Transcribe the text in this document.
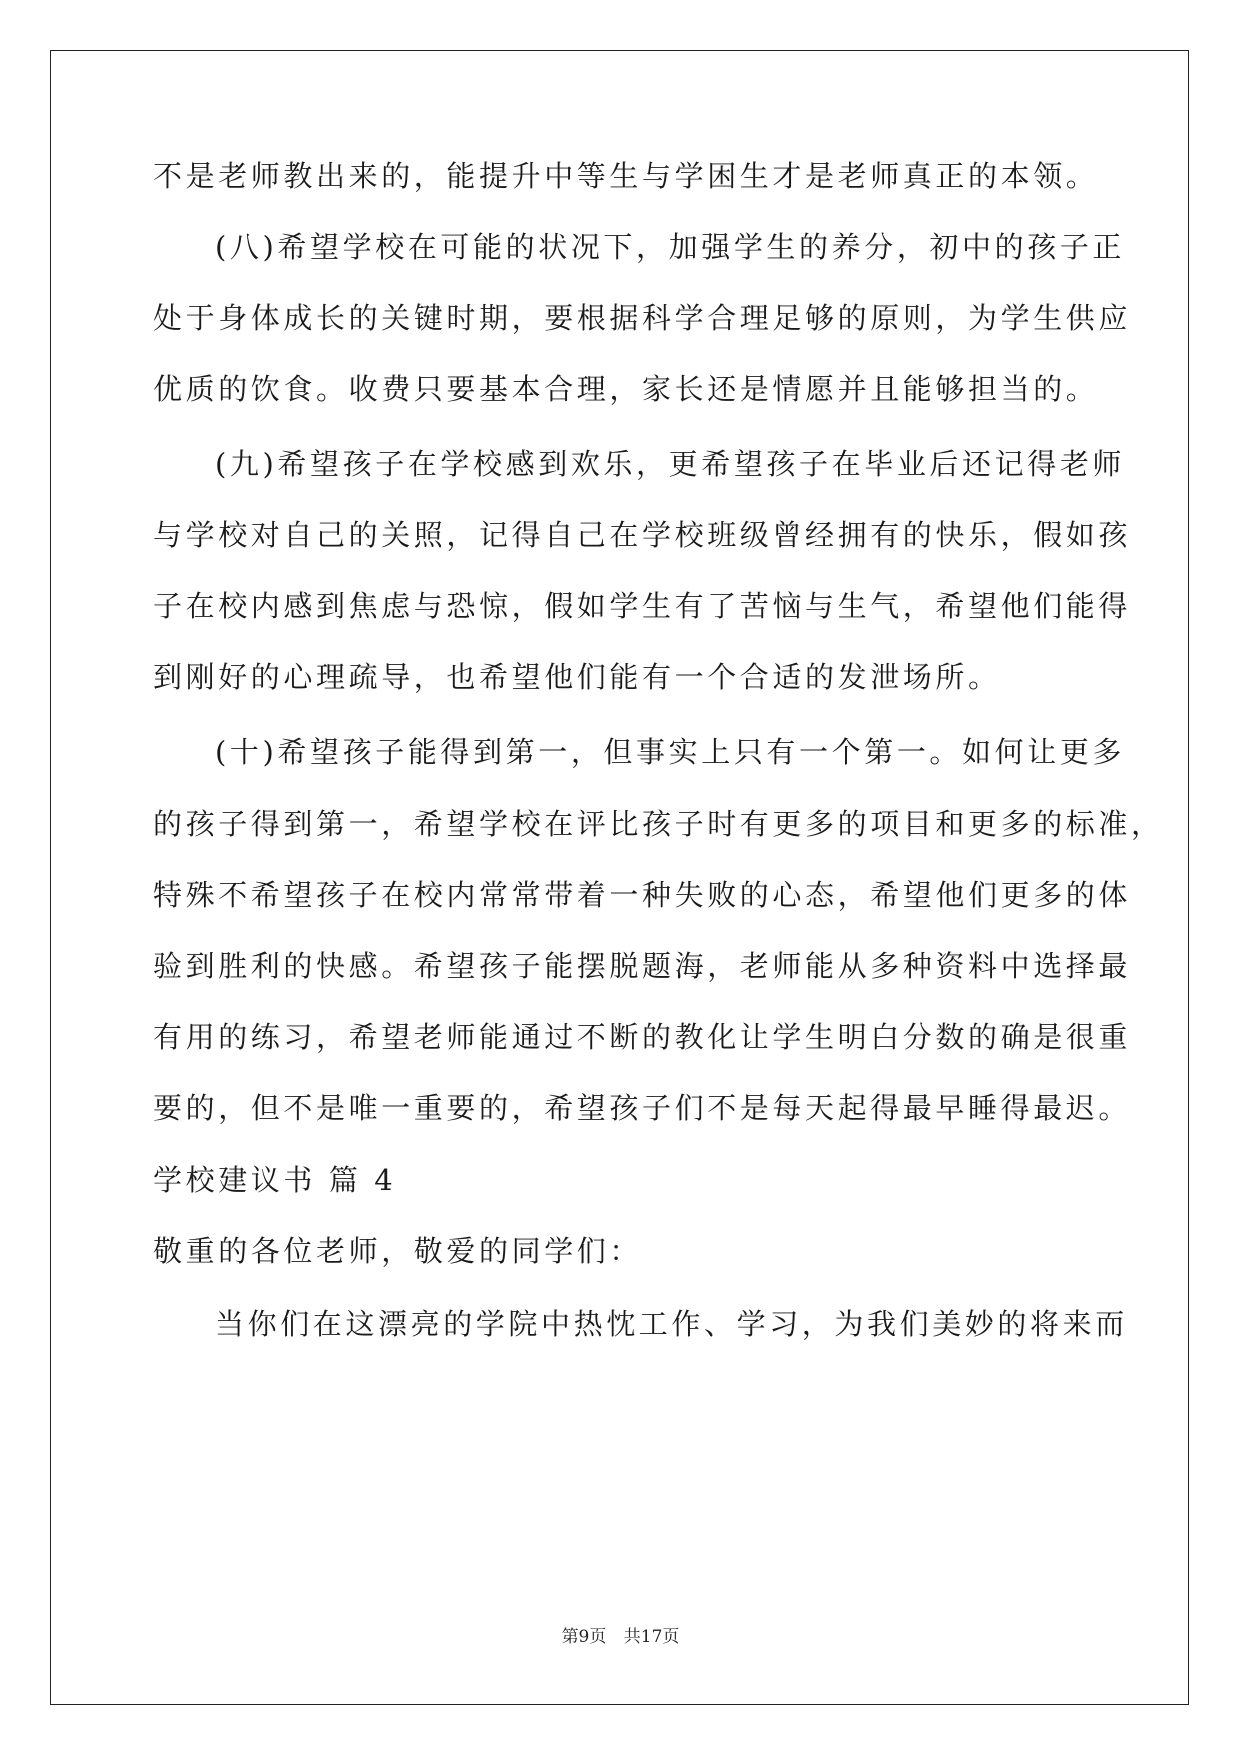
不是老师教出来的，能提升中等生与学困生才是老师真正的本领。
(八)希望学校在可能的状况下，加强学生的养分，初中的孩子正
处于身体成长的关键时期，要根据科学合理足够的原则，为学生供应
优质的饮食。收费只要基本合理，家长还是情愿并且能够担当的。
(九)希望孩子在学校感到欢乐，更希望孩子在毕业后还记得老师
与学校对自己的关照，记得自己在学校班级曾经拥有的快乐，假如孩
子在校内感到焦虑与恐惊，假如学生有了苦恼与生气，希望他们能得
到刚好的心理疏导，也希望他们能有一个合适的发泄场所。
(十)希望孩子能得到第一，但事实上只有一个第一。如何让更多
的孩子得到第一，希望学校在评比孩子时有更多的项目和更多的标准，
特殊不希望孩子在校内常常带着一种失败的心态，希望他们更多的体
验到胜利的快感。希望孩子能摆脱题海，老师能从多种资料中选择最
有用的练习，希望老师能通过不断的教化让学生明白分数的确是很重
要的，但不是唯一重要的，希望孩子们不是每天起得最早睡得最迟。
学校建议书 篇 4
敬重的各位老师，敬爱的同学们：
当你们在这漂亮的学院中热忱工作、学习，为我们美妙的将来而
第9页 共17页
